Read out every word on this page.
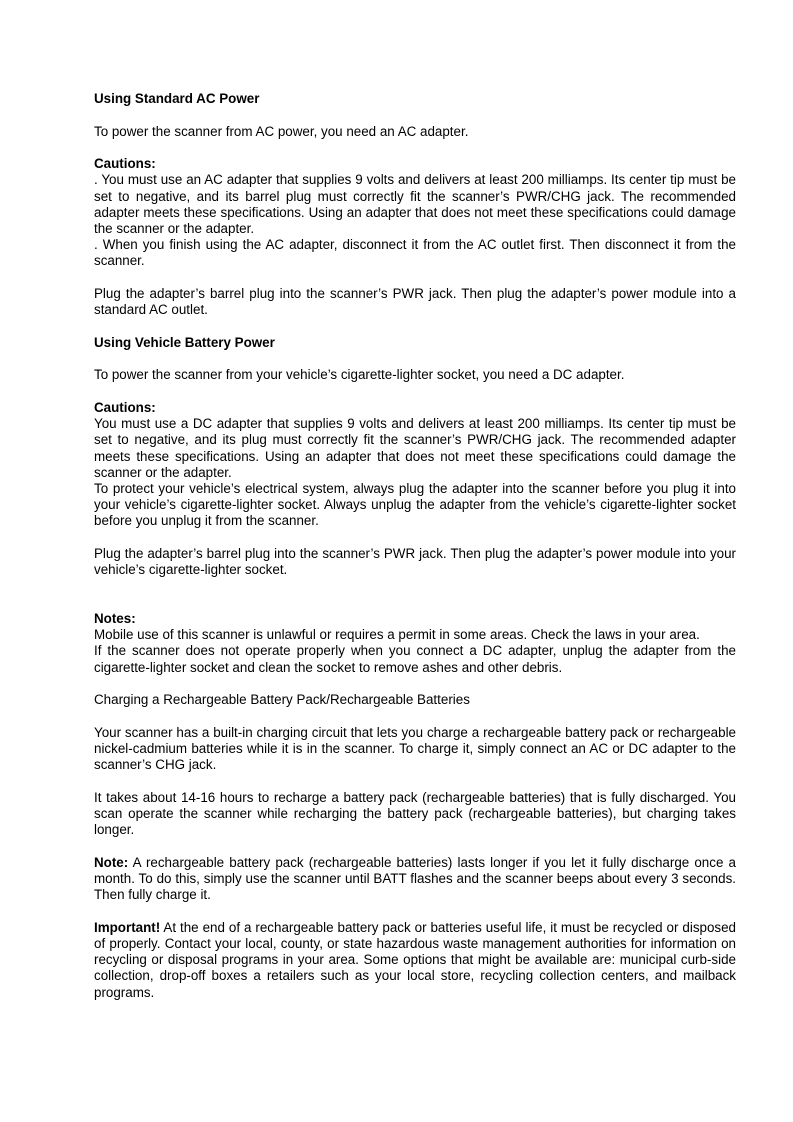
Using Standard AC Power

To power the scanner from AC power, you need an AC adapter.

Cautions:

. You must use an AC adapter that supplies 9 volts and delivers at least 200 milliamps. Its center tip must be set to negative, and its barrel plug must correctly fit the scanner’s PWR/CHG jack. The recommended adapter meets these specifications. Using an adapter that does not meet these specifications could damage the scanner or the adapter.

. When you finish using the AC adapter, disconnect it from the AC outlet first. Then disconnect it from the scanner.

Plug the adapter’s barrel plug into the scanner’s PWR jack. Then plug the adapter’s power module into a standard AC outlet.

Using Vehicle Battery Power

To power the scanner from your vehicle’s cigarette-lighter socket, you need a DC adapter.

Cautions:

You must use a DC adapter that supplies 9 volts and delivers at least 200 milliamps. Its center tip must be set to negative, and its plug must correctly fit the scanner’s PWR/CHG jack. The recommended adapter meets these specifications. Using an adapter that does not meet these specifications could damage the scanner or the adapter.

To protect your vehicle’s electrical system, always plug the adapter into the scanner before you plug it into your vehicle’s cigarette-lighter socket. Always unplug the adapter from the vehicle’s cigarette-lighter socket before you unplug it from the scanner.

Plug the adapter’s barrel plug into the scanner’s PWR jack. Then plug the adapter’s power module into your vehicle’s cigarette-lighter socket.

Notes:

Mobile use of this scanner is unlawful or requires a permit in some areas. Check the laws in your area.

If the scanner does not operate properly when you connect a DC adapter, unplug the adapter from the cigarette-lighter socket and clean the socket to remove ashes and other debris.

Charging a Rechargeable Battery Pack/Rechargeable Batteries

Your scanner has a built-in charging circuit that lets you charge a rechargeable battery pack or rechargeable nickel-cadmium batteries while it is in the scanner. To charge it, simply connect an AC or DC adapter to the scanner’s CHG jack.

It takes about 14-16 hours to recharge a battery pack (rechargeable batteries) that is fully discharged. You scan operate the scanner while recharging the battery pack (rechargeable batteries), but charging takes longer.

Note: A rechargeable battery pack (rechargeable batteries) lasts longer if you let it fully discharge once a month. To do this, simply use the scanner until BATT flashes and the scanner beeps about every 3 seconds. Then fully charge it.

Important! At the end of a rechargeable battery pack or batteries useful life, it must be recycled or disposed of properly. Contact your local, county, or state hazardous waste management authorities for information on recycling or disposal programs in your area. Some options that might be available are: municipal curb-side collection, drop-off boxes a retailers such as your local store, recycling collection centers, and mailback programs.
